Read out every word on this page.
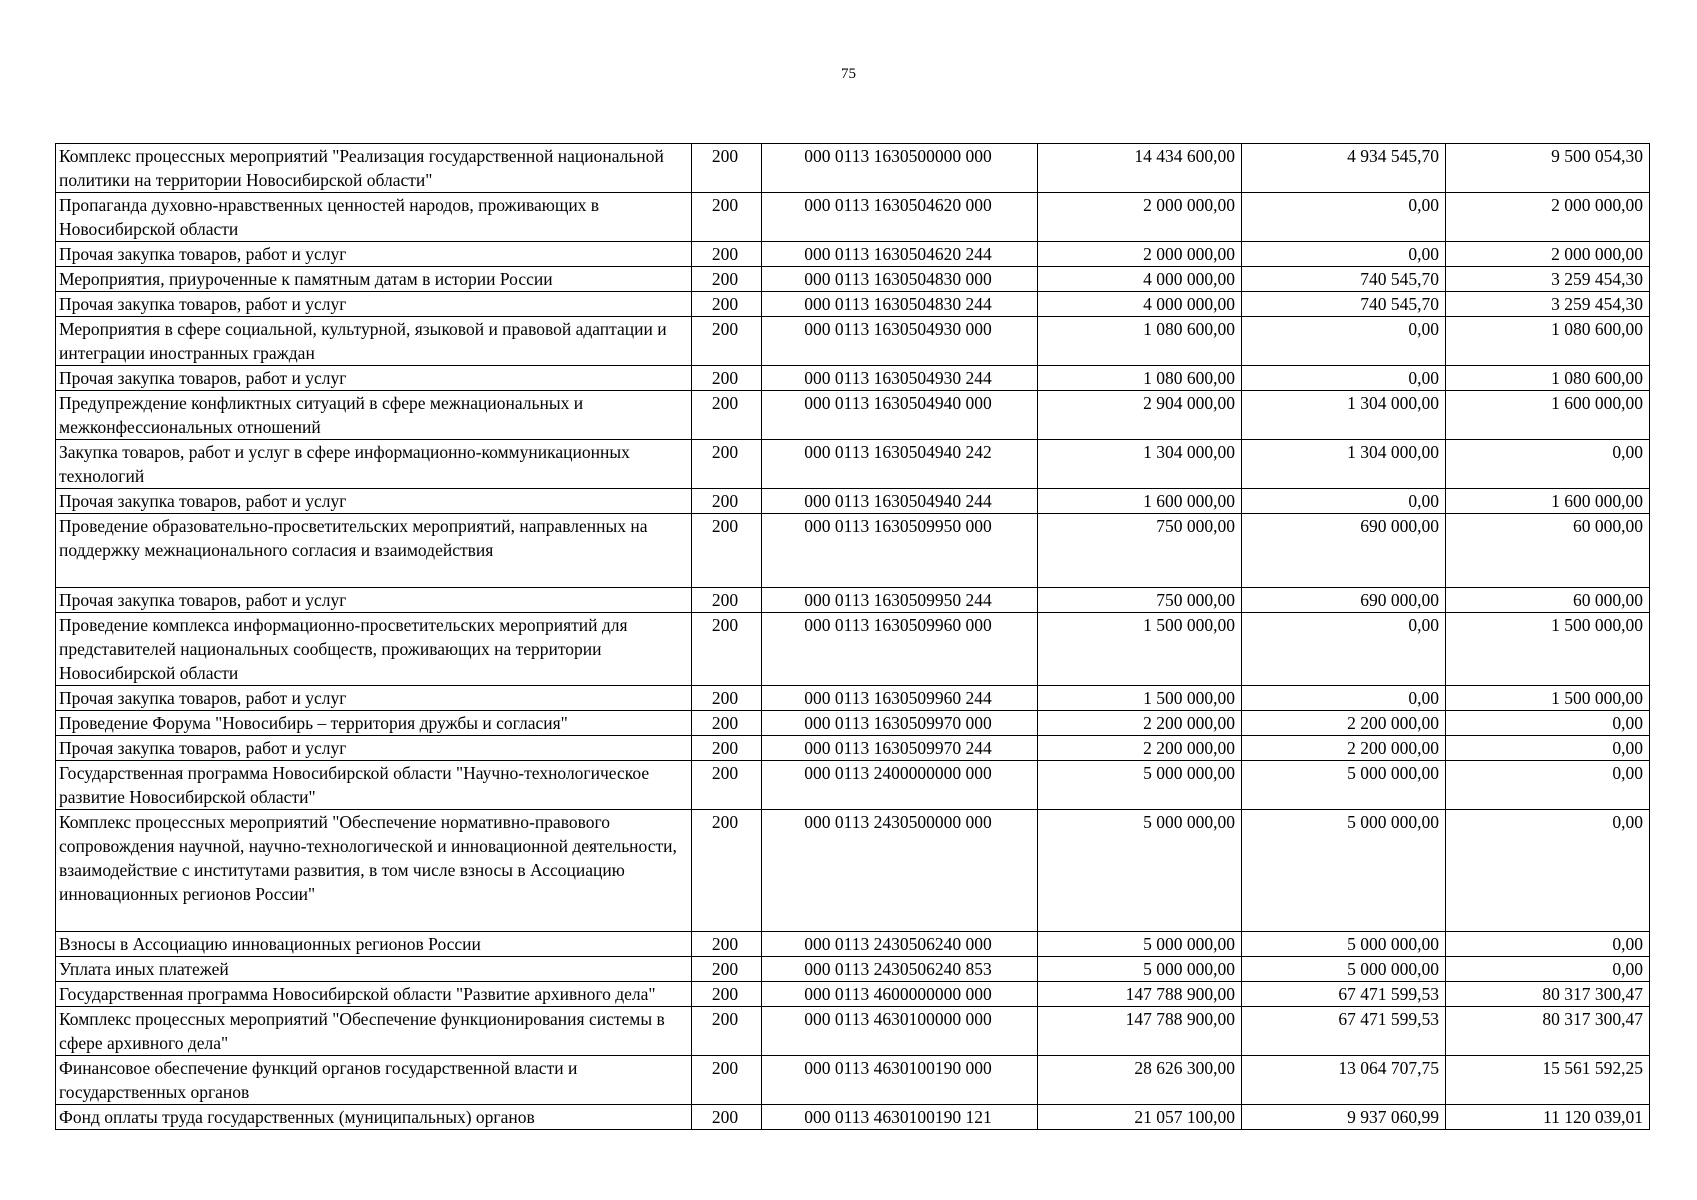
75
Комплекс процессных мероприятий "Реализация государственной национальной политики на территории Новосибирской области"	200	000 0113 1630500000 000	14 434 600,00	4 934 545,70	9 500 054,30
Пропаганда духовно-нравственных ценностей народов, проживающих в Новосибирской области	200	000 0113 1630504620 000	2 000 000,00	0,00	2 000 000,00
Прочая закупка товаров, работ и услуг	200	000 0113 1630504620 244	2 000 000,00	0,00	2 000 000,00
Мероприятия, приуроченные к памятным датам в истории России	200	000 0113 1630504830 000	4 000 000,00	740 545,70	3 259 454,30
Прочая закупка товаров, работ и услуг	200	000 0113 1630504830 244	4 000 000,00	740 545,70	3 259 454,30
Мероприятия в сфере социальной, культурной, языковой и правовой адаптации и интеграции иностранных граждан	200	000 0113 1630504930 000	1 080 600,00	0,00	1 080 600,00
Прочая закупка товаров, работ и услуг	200	000 0113 1630504930 244	1 080 600,00	0,00	1 080 600,00
Предупреждение конфликтных ситуаций в сфере межнациональных и межконфессиональных отношений	200	000 0113 1630504940 000	2 904 000,00	1 304 000,00	1 600 000,00
Закупка товаров, работ и услуг в сфере информационно-коммуникационных технологий	200	000 0113 1630504940 242	1 304 000,00	1 304 000,00	0,00
Прочая закупка товаров, работ и услуг	200	000 0113 1630504940 244	1 600 000,00	0,00	1 600 000,00
Проведение образовательно-просветительских мероприятий, направленных на поддержку межнационального согласия и взаимодействия	200	000 0113 1630509950 000	750 000,00	690 000,00	60 000,00
Прочая закупка товаров, работ и услуг	200	000 0113 1630509950 244	750 000,00	690 000,00	60 000,00
Проведение комплекса информационно-просветительских мероприятий для представителей национальных сообществ, проживающих на территории Новосибирской области	200	000 0113 1630509960 000	1 500 000,00	0,00	1 500 000,00
Прочая закупка товаров, работ и услуг	200	000 0113 1630509960 244	1 500 000,00	0,00	1 500 000,00
Проведение Форума "Новосибирь – территория дружбы и согласия"	200	000 0113 1630509970 000	2 200 000,00	2 200 000,00	0,00
Прочая закупка товаров, работ и услуг	200	000 0113 1630509970 244	2 200 000,00	2 200 000,00	0,00
Государственная программа Новосибирской области "Научно-технологическое развитие Новосибирской области"	200	000 0113 2400000000 000	5 000 000,00	5 000 000,00	0,00
Комплекс процессных мероприятий "Обеспечение нормативно-правового сопровождения научной, научно-технологической и инновационной деятельности, взаимодействие с институтами развития, в том числе взносы в Ассоциацию инновационных регионов России"	200	000 0113 2430500000 000	5 000 000,00	5 000 000,00	0,00
Взносы в Ассоциацию инновационных регионов России	200	000 0113 2430506240 000	5 000 000,00	5 000 000,00	0,00
Уплата иных платежей	200	000 0113 2430506240 853	5 000 000,00	5 000 000,00	0,00
Государственная программа Новосибирской области "Развитие архивного дела"	200	000 0113 4600000000 000	147 788 900,00	67 471 599,53	80 317 300,47
Комплекс процессных мероприятий "Обеспечение функционирования системы в сфере архивного дела"	200	000 0113 4630100000 000	147 788 900,00	67 471 599,53	80 317 300,47
Финансовое обеспечение функций органов государственной власти и государственных органов	200	000 0113 4630100190 000	28 626 300,00	13 064 707,75	15 561 592,25
Фонд оплаты труда государственных (муниципальных) органов	200	000 0113 4630100190 121	21 057 100,00	9 937 060,99	11 120 039,01
